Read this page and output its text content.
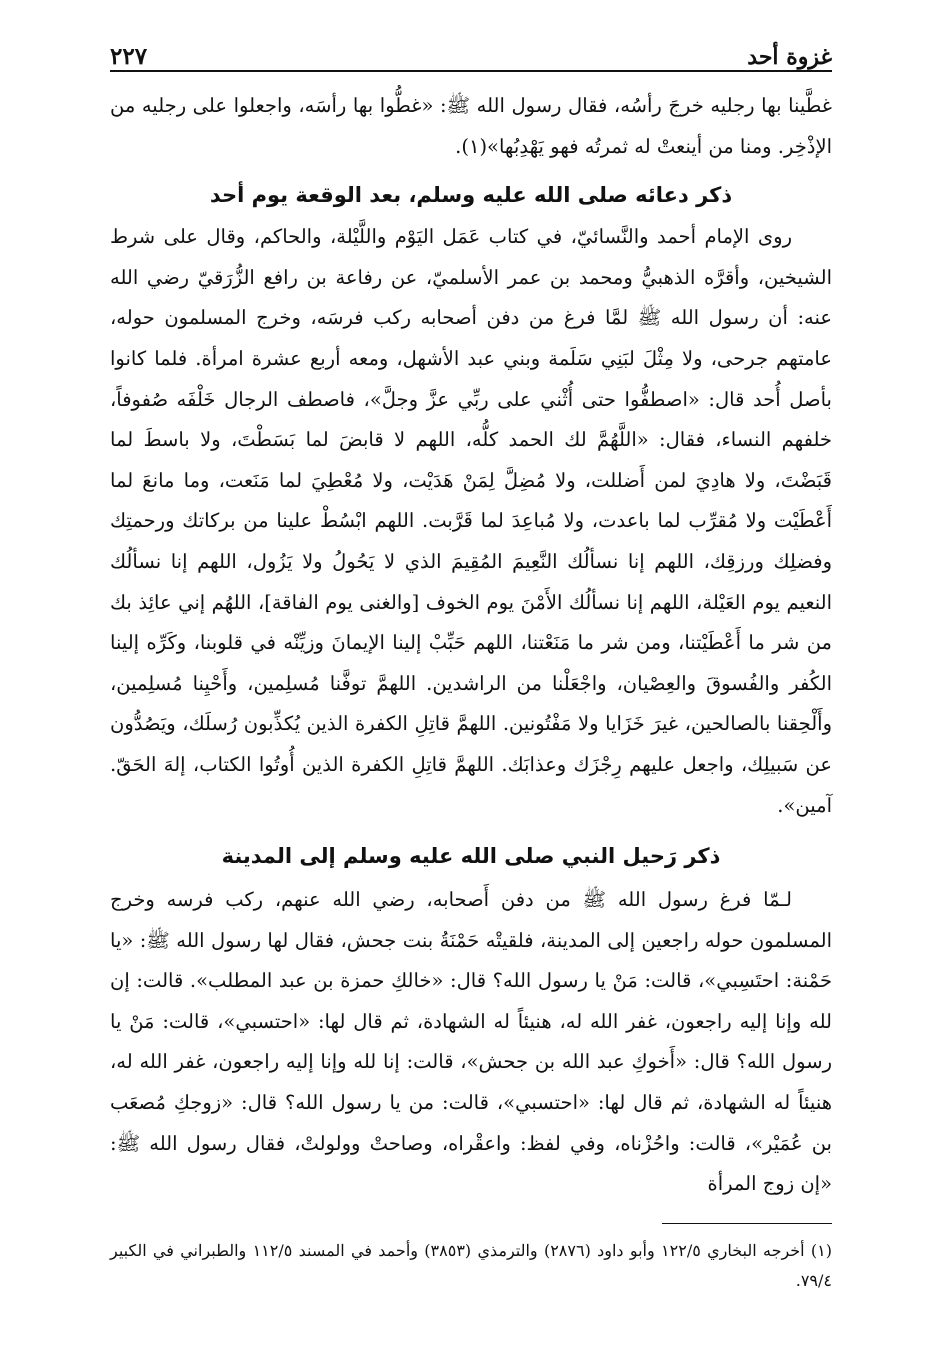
غزوة أحد
٢٢٧

غطَّينا بها رجليه خرجَ رأسُه، فقال رسول الله ﷺ: «غطُّوا بها رأسَه، واجعلوا على رجليه من الإذْخِر. ومنا من أينعتْ له ثمرتُه فهو يَهْدِبُها»(١).

ذكر دعائه صلى الله عليه وسلم، بعد الوقعة يوم أحد

روى الإمام أحمد والنَّسائيّ، في كتاب عَمَل اليَوْم واللَّيْلة، والحاكم، وقال على شرط الشيخين، وأقرَّه الذهبيُّ ومحمد بن عمر الأسلميّ، عن رفاعة بن رافع الزُّرَقيّ رضي الله عنه: أن رسول الله ﷺ لمَّا فرغ من دفن أصحابه ركب فرسَه، وخرج المسلمون حوله، عامتهم جرحى، ولا مِثْلَ لبَنِي سَلَمة وبني عبد الأشهل، ومعه أربع عشرة امرأة. فلما كانوا بأصل أُحد قال: «اصطفُّوا حتى أُثْني على ربِّي عزَّ وجلَّ»، فاصطف الرجال خَلْفَه صُفوفاً، خلفهم النساء، فقال: «اللَّهُمَّ لك الحمد كلُّه، اللهم لا قابضَ لما بَسَطْتَ، ولا باسطَ لما قَبَضْتَ، ولا هادِيَ لمن أَضللت، ولا مُضِلَّ لِمَنْ هَدَيْت، ولا مُعْطِيَ لما مَنَعت، وما مانعَ لما أَعْطَيْت ولا مُقرِّب لما باعدت، ولا مُباعِدَ لما قَرَّبت. اللهم ابْسُطْ علينا من بركاتك ورحمتِك وفضلِك ورزقِك، اللهم إنا نسألُك النَّعِيمَ المُقِيمَ الذي لا يَحُولُ ولا يَزُول، اللهم إنا نسألُك النعيم يوم العَيْلة، اللهم إنا نسألُك الأَمْنَ يوم الخوف [والغنى يوم الفاقة]، اللهُم إني عائِذ بك من شر ما أَعْطَيْتنا، ومن شر ما مَنَعْتنا، اللهم حَبِّبْ إلينا الإيمانَ وزيِّنْه في قلوبنا، وكَرِّه إلينا الكُفر والفُسوقَ والعِصْيان، واجْعَلْنا من الراشدين. اللهمَّ توفَّنا مُسلِمين، وأَحْيِنا مُسلِمين، وأَلْحِقنا بالصالحين، غيرَ خَزَايا ولا مَفْتُونين. اللهمَّ قاتِلِ الكفرة الذين يُكذِّبون رُسلَك، ويَصُدُّون عن سَبيلِك، واجعل عليهم رِجْزَك وعذابَك. اللهمَّ قاتِلِ الكفرة الذين أُوتُوا الكتاب، إلهَ الحَقّ. آمين».

ذكر رَحيل النبي صلى الله عليه وسلم إلى المدينة

لـمّا فرغ رسول الله ﷺ من دفن أَصحابه، رضي الله عنهم، ركب فرسه وخرج المسلمون حوله راجعين إلى المدينة، فلقيتْه حَمْنَةُ بنت جحش، فقال لها رسول الله ﷺ: «يا حَمْنة: احتَسِبي»، قالت: مَنْ يا رسول الله؟ قال: «خالكِ حمزة بن عبد المطلب». قالت: إن لله وإنا إليه راجعون، غفر الله له، هنيئاً له الشهادة، ثم قال لها: «احتسبي»، قالت: مَنْ يا رسول الله؟ قال: «أَخوكِ عبد الله بن جحش»، قالت: إنا لله وإنا إليه راجعون، غفر الله له، هنيئاً له الشهادة، ثم قال لها: «احتسبي»، قالت: من يا رسول الله؟ قال: «زوجكِ مُصعَب بن عُمَيْر»، قالت: واحُزْناه، وفي لفظ: واعقْراه، وصاحتْ وولولتْ، فقال رسول الله ﷺ: «إن زوج المرأة

(١) أخرجه البخاري ١٢٢/٥ وأبو داود (٢٨٧٦) والترمذي (٣٨٥٣) وأحمد في المسند ١١٢/٥ والطبراني في الكبير ٧٩/٤.
